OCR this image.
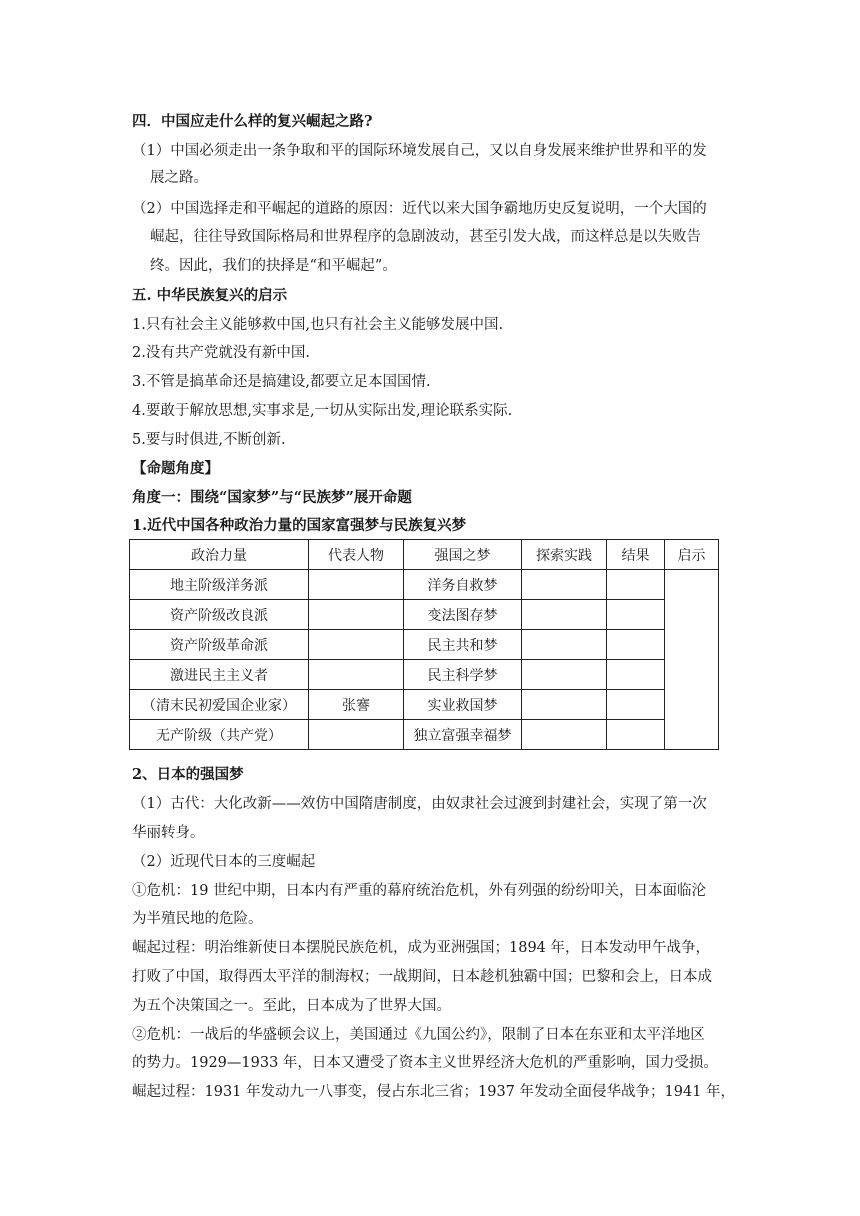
四．中国应走什么样的复兴崛起之路?
（1）中国必须走出一条争取和平的国际环境发展自己，又以自身发展来维护世界和平的发
展之路。
（2）中国选择走和平崛起的道路的原因：近代以来大国争霸地历史反复说明，一个大国的
崛起，往往导致国际格局和世界程序的急剧波动，甚至引发大战，而这样总是以失败告
终。因此，我们的抉择是“和平崛起”。
五. 中华民族复兴的启示
1.只有社会主义能够救中国,也只有社会主义能够发展中国.
2.没有共产党就没有新中国.
3.不管是搞革命还是搞建设,都要立足本国国情.
4.要敢于解放思想,实事求是,一切从实际出发,理论联系实际.
5.要与时俱进,不断创新.
【命题角度】
角度一：围绕“国家梦”与“民族梦”展开命题
1.近代中国各种政治力量的国家富强梦与民族复兴梦
政治力量	代表人物	强国之梦	探索实践	结果	启示
地主阶级洋务派		洋务自救梦			
资产阶级改良派		变法图存梦			
资产阶级革命派		民主共和梦			
激进民主主义者		民主科学梦			
（清末民初爱国企业家）	张謇	实业救国梦			
无产阶级（共产党）		独立富强幸福梦			
2、日本的强国梦
（1）古代：大化改新——效仿中国隋唐制度，由奴隶社会过渡到封建社会，实现了第一次
华丽转身。
（2）近现代日本的三度崛起
①危机：19 世纪中期，日本内有严重的幕府统治危机，外有列强的纷纷叩关，日本面临沦
为半殖民地的危险。
崛起过程：明治维新使日本摆脱民族危机，成为亚洲强国；1894 年，日本发动甲午战争，
打败了中国，取得西太平洋的制海权；一战期间，日本趁机独霸中国；巴黎和会上，日本成
为五个决策国之一。至此，日本成为了世界大国。
②危机：一战后的华盛顿会议上，美国通过《九国公约》，限制了日本在东亚和太平洋地区
的势力。1929—1933 年，日本又遭受了资本主义世界经济大危机的严重影响，国力受损。
崛起过程：1931 年发动九一八事变，侵占东北三省；1937 年发动全面侵华战争；1941 年，
